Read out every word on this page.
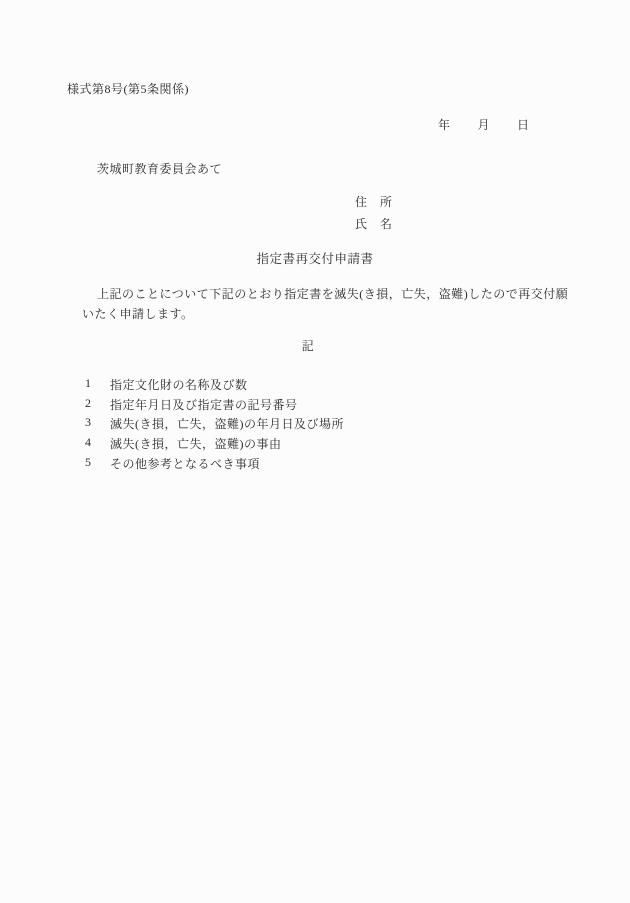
様式第8号(第5条関係)
年 月 日
茨城町教育委員会あて
住　所
氏　名
指定書再交付申請書
上記のことについて下記のとおり指定書を滅失(き損，亡失，盗難)したので再交付願
いたく申請します。
記
1	指定文化財の名称及び数
2	指定年月日及び指定書の記号番号
3	滅失(き損，亡失，盗難)の年月日及び場所
4	滅失(き損，亡失，盗難)の事由
5	その他参考となるべき事項
